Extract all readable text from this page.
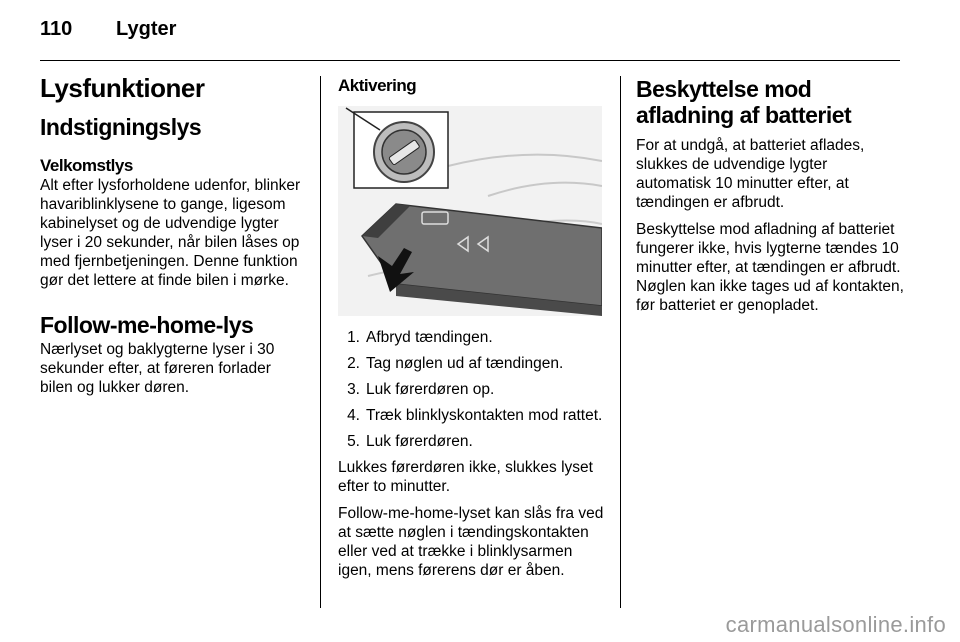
110 Lygter
Lysfunktioner
Indstigningslys
Velkomstlys

Alt efter lysforholdene udenfor, blinker havariblinklysene to gange, ligesom kabinelyset og de udvendige lygter lyser i 20 sekunder, når bilen låses op med fjernbetjeningen. Denne funktion gør det lettere at finde bilen i mørke.

Follow-me-home-lys

Nærlyset og baklygterne lyser i 30 sekunder efter, at føreren forlader bilen og lukker døren.

Aktivering
1. Afbryd tændingen.
2. Tag nøglen ud af tændingen.
3. Luk førerdøren op.
4. Træk blinklyskontakten mod rattet.
5. Luk førerdøren.

Lukkes førerdøren ikke, slukkes lyset efter to minutter.

Follow-me-home-lyset kan slås fra ved at sætte nøglen i tændingskontakten eller ved at trække i blinklysarmen igen, mens førerens dør er åben.

Beskyttelse mod afladning af batteriet

For at undgå, at batteriet aflades, slukkes de udvendige lygter automatisk 10 minutter efter, at tændingen er afbrudt.

Beskyttelse mod afladning af batteriet fungerer ikke, hvis lygterne tændes 10 minutter efter, at tændingen er afbrudt. Nøglen kan ikke tages ud af kontakten, før batteriet er genopladet.

carmanualsonline.info
